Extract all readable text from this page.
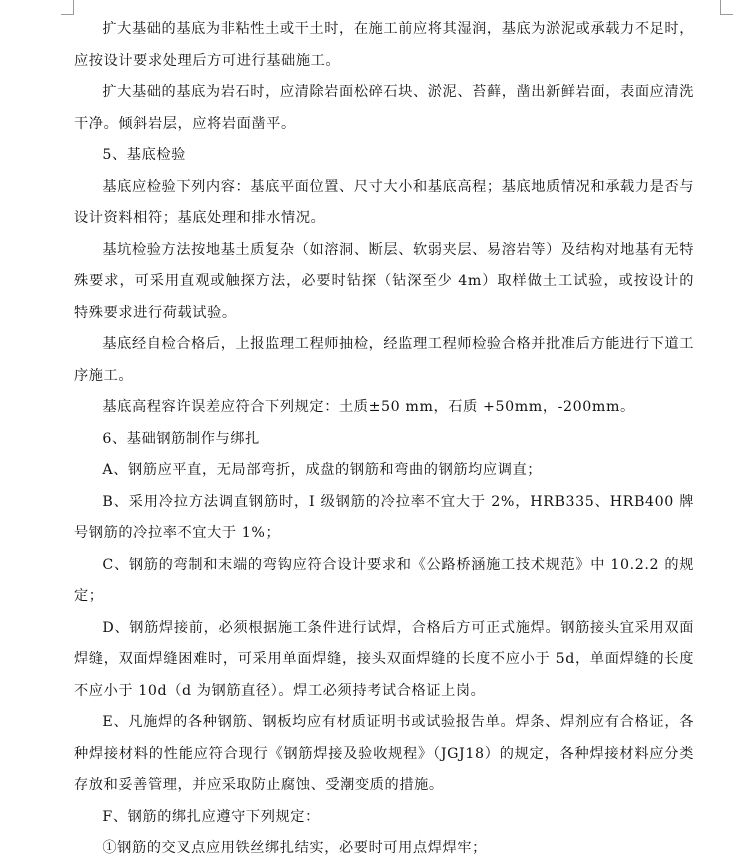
扩大基础的基底为非粘性土或干土时，在施工前应将其湿润，基底为淤泥或承载力不足时，应按设计要求处理后方可进行基础施工。

扩大基础的基底为岩石时，应清除岩面松碎石块、淤泥、苔藓，凿出新鲜岩面，表面应清洗干净。倾斜岩层，应将岩面凿平。

5、基底检验

基底应检验下列内容：基底平面位置、尺寸大小和基底高程；基底地质情况和承载力是否与设计资料相符；基底处理和排水情况。

基坑检验方法按地基土质复杂（如溶洞、断层、软弱夹层、易溶岩等）及结构对地基有无特殊要求，可采用直观或触探方法，必要时钻探（钻深至少 4m）取样做土工试验，或按设计的特殊要求进行荷载试验。

基底经自检合格后，上报监理工程师抽检，经监理工程师检验合格并批准后方能进行下道工序施工。

基底高程容许误差应符合下列规定：土质±50 mm，石质 +50mm，-200mm。

6、基础钢筋制作与绑扎

A、钢筋应平直，无局部弯折，成盘的钢筋和弯曲的钢筋均应调直；

B、采用冷拉方法调直钢筋时，I 级钢筋的冷拉率不宜大于 2%，HRB335、HRB400 牌号钢筋的冷拉率不宜大于 1%；

C、钢筋的弯制和末端的弯钩应符合设计要求和《公路桥涵施工技术规范》中 10.2.2 的规定；

D、钢筋焊接前，必须根据施工条件进行试焊，合格后方可正式施焊。钢筋接头宜采用双面焊缝，双面焊缝困难时，可采用单面焊缝，接头双面焊缝的长度不应小于 5d，单面焊缝的长度不应小于 10d（d 为钢筋直径）。焊工必须持考试合格证上岗。

E、凡施焊的各种钢筋、钢板均应有材质证明书或试验报告单。焊条、焊剂应有合格证，各种焊接材料的性能应符合现行《钢筋焊接及验收规程》（JGJ18）的规定，各种焊接材料应分类存放和妥善管理，并应采取防止腐蚀、受潮变质的措施。

F、钢筋的绑扎应遵守下列规定：

①钢筋的交叉点应用铁丝绑扎结实，必要时可用点焊焊牢；
